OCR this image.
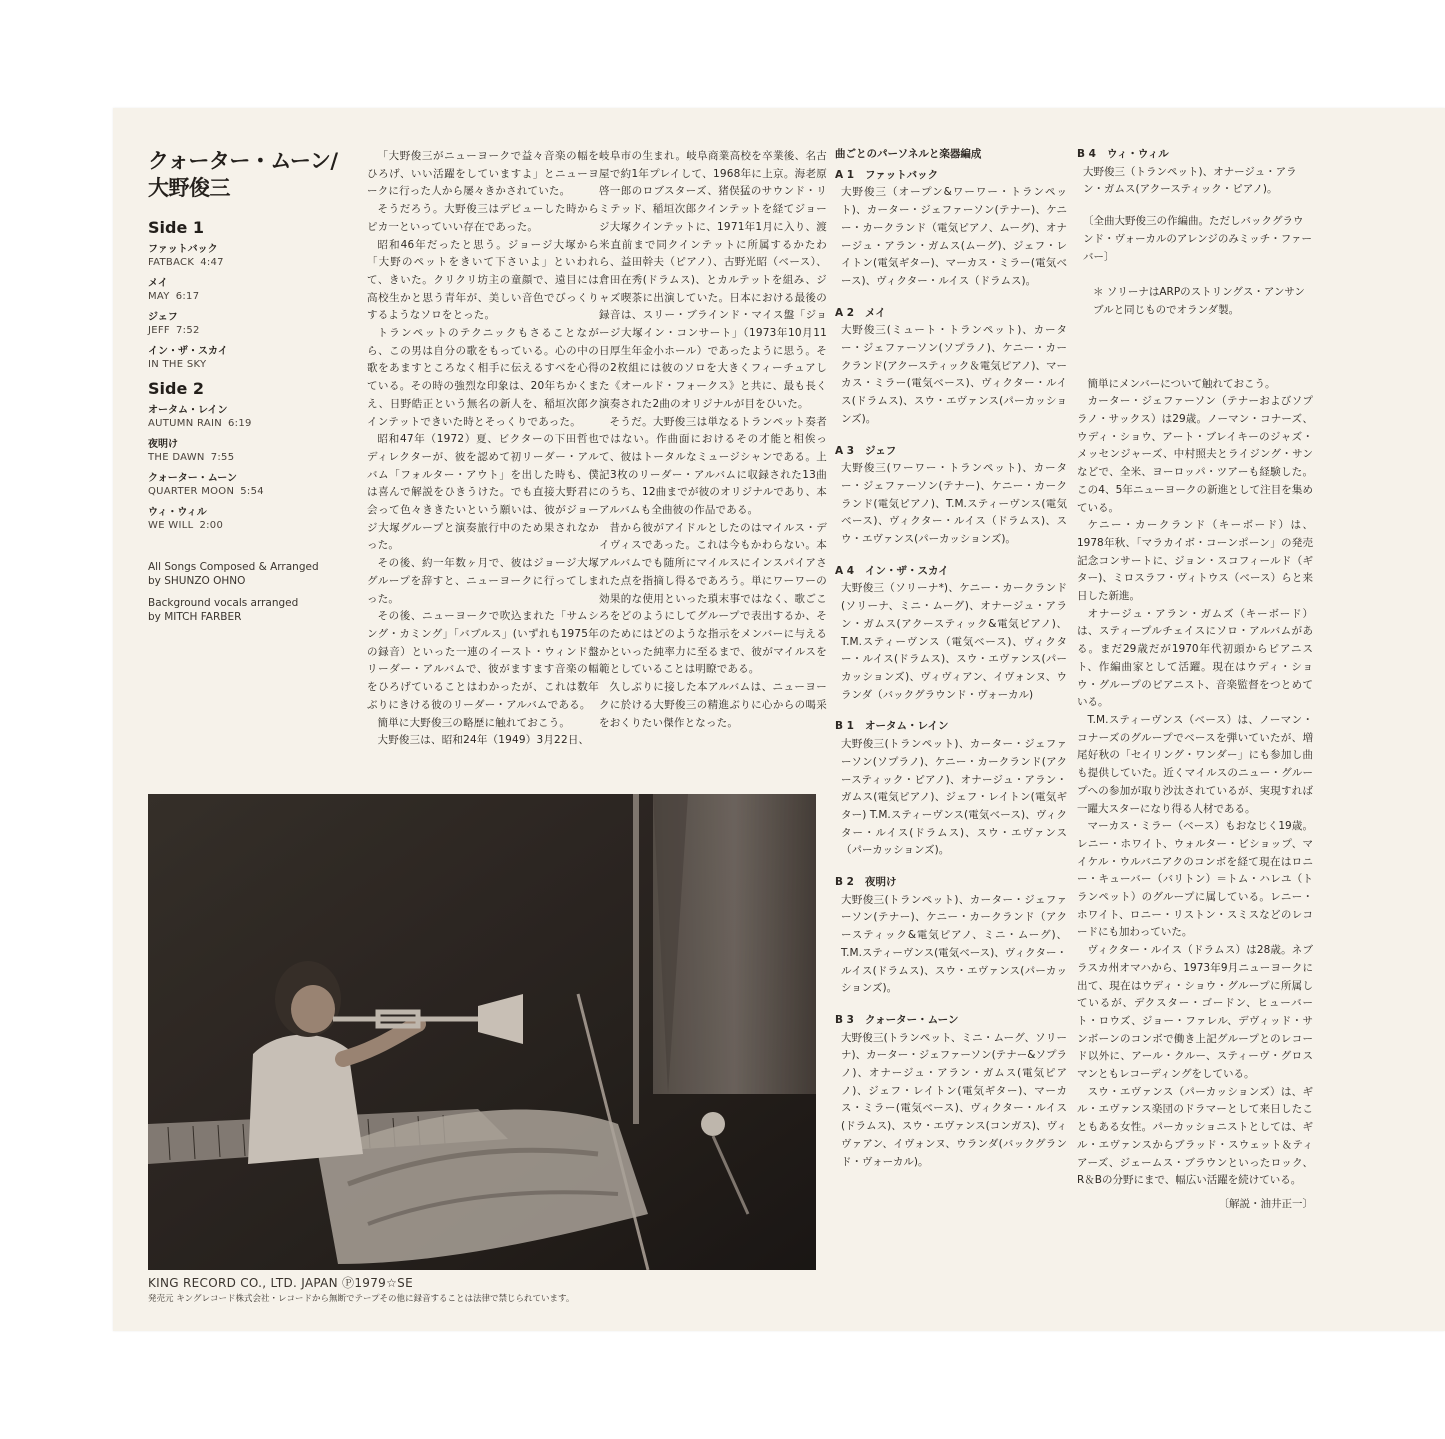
クォーター・ムーン/
大野俊三
Side 1
ファットバック
FATBACK 4:47
メイ
MAY 6:17
ジェフ
JEFF 7:52
イン・ザ・スカイ
IN THE SKY
Side 2
オータム・レイン
AUTUMN RAIN 6:19
夜明け
THE DAWN 7:55
クォーター・ムーン
QUARTER MOON 5:54
ウィ・ウィル
WE WILL 2:00

All Songs Composed & Arranged
by SHUNZO OHNO

Background vocals arranged
by MITCH FARBER

「大野俊三がニューヨークで益々音楽の幅をひろげ、いい活躍をしていますよ」とニューヨークに行った人から屡々きかされていた。

そうだろう。大野俊三はデビューした時からピカ一といっていい存在であった。

昭和46年だったと思う。ジョージ大塚から「大野のペットをきいて下さいよ」といわれて、きいた。クリクリ坊主の童顔で、遠目には高校生かと思う青年が、美しい音色でびっくりするようなソロをとった。

トランペットのテクニックもさることながら、この男は自分の歌をもっている。心の中の歌をあますところなく相手に伝えるすべを心得ている。その時の強烈な印象は、20年ちかくまえ、日野皓正という無名の新人を、稲垣次郎クインテットできいた時とそっくりであった。

昭和47年（1972）夏、ビクターの下田哲也ディレクターが、彼を認めて初リーダー・アルバム「フォルター・アウト」を出した時も、僕は喜んで解説をひきうけた。でも直接大野君に会って色々ききたいという願いは、彼がジョージ大塚グループと演奏旅行中のため果されなかった。

その後、約一年数ヶ月で、彼はジョージ大塚グループを辞すと、ニューヨークに行ってしまった。

その後、ニューヨークで吹込まれた「サムシング・カミング」「バブルス」(いずれも1975年の録音）といった一連のイースト・ウィンド盤リーダー・アルバムで、彼がますます音楽の幅をひろげていることはわかったが、これは数年ぶりにきける彼のリーダー・アルバムである。

簡単に大野俊三の略歴に触れておこう。

大野俊三は、昭和24年（1949）3月22日、

岐阜市の生まれ。岐阜商業高校を卒業後、名古屋で約1年プレイして、1968年に上京。海老原啓一郎のロブスターズ、猪俣猛のサウンド・リミテッド、稲垣次郎クインテットを経てジョージ大塚クインテットに、1971年1月に入り、渡米直前まで同クインテットに所属するかたわら、益田幹夫（ピアノ）、古野光昭（ベース）、倉田在秀(ドラムス)、とカルテットを組み、ジャズ喫茶に出演していた。日本における最後の録音は、スリー・ブラインド・マイス盤「ジョージ大塚イン・コンサート」（1973年10月11日厚生年金小ホール）であったように思う。その2枚組には彼のソロを大きくフィーチュアした《オールド・フォークス》と共に、最も長く演奏された2曲のオリジナルが目をひいた。

そうだ。大野俊三は単なるトランペット奏者ではない。作曲面におけるその才能と相俟って、彼はトータルなミュージシャンである。上記3枚のリーダー・アルバムに収録された13曲のうち、12曲までが彼のオリジナルであり、本アルバムも全曲彼の作品である。

昔から彼がアイドルとしたのはマイルス・デイヴィスであった。これは今もかわらない。本アルバムでも随所にマイルスにインスパイアされた点を指摘し得るであろう。単にワーワーの効果的な使用といった瑣末事ではなく、歌ごころをどのようにしてグループで表出するか、そのためにはどのような指示をメンバーに与えるかといった純率力に至るまで、彼がマイルスを範としていることは明瞭である。

久しぶりに接した本アルバムは、ニューヨークに於ける大野俊三の精進ぶりに心からの喝采をおくりたい傑作となった。

曲ごとのパーソネルと楽器編成
A 1 ファットバック
大野俊三（オープン&ワーワー・トランペット)、カーター・ジェファーソン(テナー)、ケニー・カークランド（電気ピアノ、ムーグ)、オナージュ・アラン・ガムス(ムーグ)、ジェフ・レイトン(電気ギター)、マーカス・ミラー(電気ベース)、ヴィクター・ルイス（ドラムス)。
A 2 メイ
大野俊三(ミュート・トランペット)、カーター・ジェファーソン(ソプラノ)、ケニー・カークランド(アクースティック＆電気ピアノ)、マーカス・ミラー(電気ベース)、ヴィクター・ルイス(ドラムス)、スウ・エヴァンス(パーカッションズ)。
A 3 ジェフ
大野俊三(ワーワー・トランペット)、カーター・ジェファーソン(テナー)、ケニー・カークランド(電気ピアノ)、T.M.スティーヴンス(電気ベース)、ヴィクター・ルイス（ドラムス)、スウ・エヴァンス(パーカッションズ)。
A 4 イン・ザ・スカイ
大野俊三（ソリーナ*)、ケニー・カークランド(ソリーナ、ミニ・ムーグ)、オナージュ・アラン・ガムス(アクースティック&電気ピアノ)、T.M.スティーヴンス（電気ベース)、ヴィクター・ルイス(ドラムス)、スウ・エヴァンス(パーカッションズ)、ヴィヴィアン、イヴォンヌ、ウランダ（バックグラウンド・ヴォーカル)
B 1 オータム・レイン
大野俊三(トランペット)、カーター・ジェファーソン(ソプラノ)、ケニー・カークランド(アクースティック・ピアノ)、オナージュ・アラン・ガムス(電気ピアノ)、ジェフ・レイトン(電気ギター) T.M.スティーヴンス(電気ベース)、ヴィクター・ルイス(ドラムス)、スウ・エヴァンス（パーカッションズ)。
B 2 夜明け
大野俊三(トランペット)、カーター・ジェファーソン(テナー)、ケニー・カークランド（アクースティック&電気ピアノ、ミニ・ムーグ)、T.M.スティーヴンス(電気ベース)、ヴィクター・ルイス(ドラムス)、スウ・エヴァンス(パーカッションズ)。
B 3 クォーター・ムーン
大野俊三(トランペット、ミニ・ムーグ、ソリーナ)、カーター・ジェファーソン(テナー&ソプラノ)、オナージュ・アラン・ガムス(電気ピアノ)、ジェフ・レイトン(電気ギター)、マーカス・ミラー(電気ベース)、ヴィクター・ルイス(ドラムス)、スウ・エヴァンス(コンガス)、ヴィヴァアン、イヴォンヌ、ウランダ(バックグランド・ヴォーカル)。
B 4 ウィ・ウィル
大野俊三（トランペット)、オナージュ・アラン・ガムス(アクースティック・ピアノ)。
〔全曲大野俊三の作編曲。ただしバックグラウンド・ヴォーカルのアレンジのみミッチ・ファーバー〕
＊ ソリーナはARPのストリングス・アンサンブルと同じものでオランダ製。

簡単にメンバーについて触れておこう。

カーター・ジェファーソン（テナーおよびソプラノ・サックス）は29歳。ノーマン・コナーズ、ウディ・ショウ、アート・ブレイキーのジャズ・メッセンジャーズ、中村照夫とライジング・サンなどで、全米、ヨーロッパ・ツアーも経験した。この4、5年ニューヨークの新進として注目を集めている。

ケニー・カークランド（キーボード）は、1978年秋、「マラカイボ・コーンポーン」の発売記念コンサートに、ジョン・スコフィールド（ギター)、ミロスラフ・ヴィトウス（ベース）らと来日した新進。

オナージュ・アラン・ガムズ（キーボード）は、スティープルチェイスにソロ・アルバムがある。まだ29歳だが1970年代初頭からピアニスト、作編曲家として活躍。現在はウディ・ショウ・グループのピアニスト、音楽監督をつとめている。

T.M.スティーヴンス（ベース）は、ノーマン・コナーズのグループでベースを弾いていたが、増尾好秋の「セイリング・ワンダー」にも参加し曲も提供していた。近くマイルスのニュー・グループへの参加が取り沙汰されているが、実現すれば一躍大スターになり得る人材である。

マーカス・ミラー（ベース）もおなじく19歳。レニー・ホワイト、ウォルター・ビショップ、マイケル・ウルバニアクのコンボを経て現在はロニー・キューバー（バリトン）＝トム・ハレユ（トランペット）のグループに属している。レニー・ホワイト、ロニー・リストン・スミスなどのレコードにも加わっていた。

ヴィクター・ルイス（ドラムス）は28歳。ネブラスカ州オマハから、1973年9月ニューヨークに出て、現在はウディ・ショウ・グループに所属しているが、デクスター・ゴードン、ヒューバート・ロウズ、ジョー・ファレル、デヴィッド・サンボーンのコンボで働き上記グループとのレコード以外に、アール・クルー、スティーヴ・グロスマンともレコーディングをしている。

スウ・エヴァンス（パーカッションズ）は、ギル・エヴァンス楽団のドラマーとして来日したこともある女性。パーカッショニストとしては、ギル・エヴァンスからブラッド・スウェット＆ティアーズ、ジェームス・ブラウンといったロック、R＆Bの分野にまで、幅広い活躍を続けている。

〔解説・油井正一〕
KING RECORD CO., LTD. JAPAN Ⓟ1979☆SE
発売元 キングレコード株式会社・レコードから無断でテープその他に録音することは法律で禁じられています。
